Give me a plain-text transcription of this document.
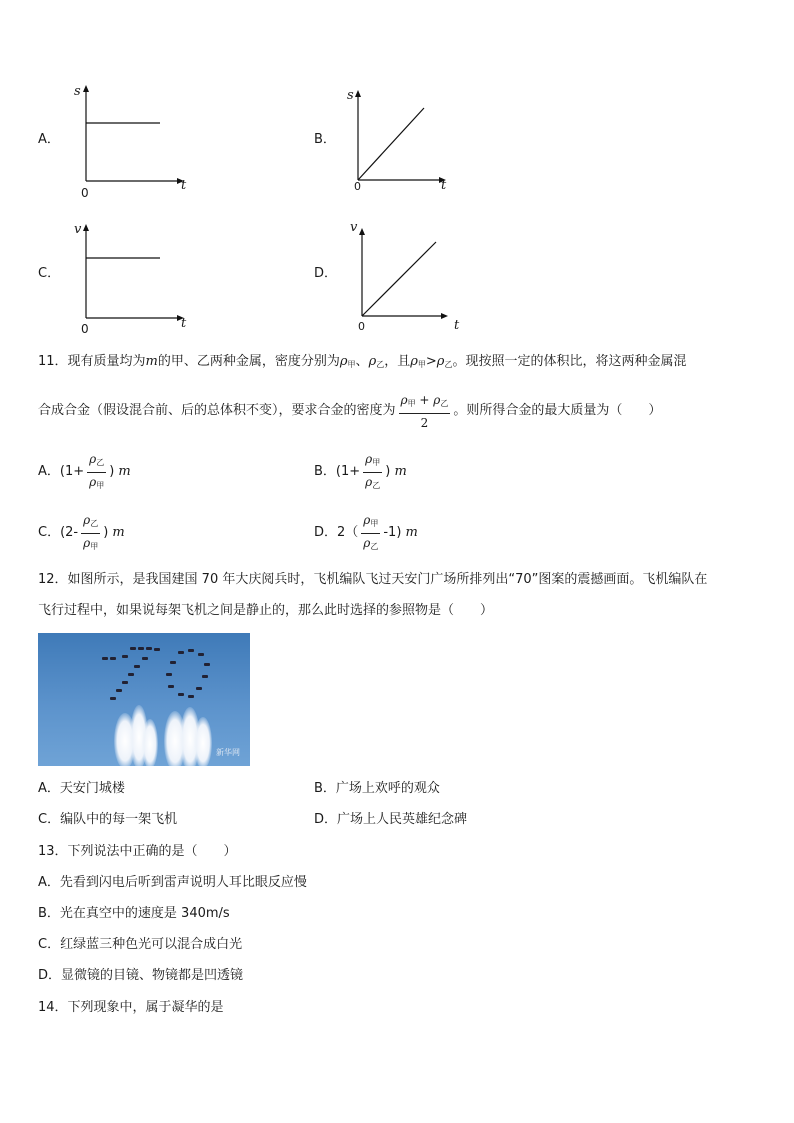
A．
s
t
0
B．
s
t
0
C．
v
t
0
D．
v
t
0
11．现有质量均为m的甲、乙两种金属，密度分别为$\rho_甲$、$\rho_乙$，且$\rho_甲>\rho_乙$。现按照一定的体积比，将这两种金属混
合成合金（假设混合前、后的总体积不变），要求合金的密度为 $\frac{\rho_甲 + \rho_乙}{2}$ 。则所得合金的最大质量为（　　）
A．($1+ \frac{\rho_乙}{\rho_甲}$ )
m	B．($1+ \frac{\rho_甲}{\rho_乙}$ )
m
C．($2- \frac{\rho_乙}{\rho_甲}$ )
m	D．$2( \frac{\rho_甲}{\rho_乙} -1)$
m
12．如图所示，是我国建国 70 年大庆阅兵时，飞机编队飞过天安门广场所排列出“70”图案的震撼画面。飞机编队在
飞行过程中，如果说每架飞机之间是静止的，那么此时选择的参照物是（　　）
新华网
A．天安门城楼	B．广场上欢呼的观众
C．编队中的每一架飞机	D．广场上人民英雄纪念碑
13．下列说法中正确的是（　　）
A．先看到闪电后听到雷声说明人耳比眼反应慢
B．光在真空中的速度是 340m/s
C．红绿蓝三种色光可以混合成白光
D．显微镜的目镜、物镜都是凹透镜
14．下列现象中，属于凝华的是
